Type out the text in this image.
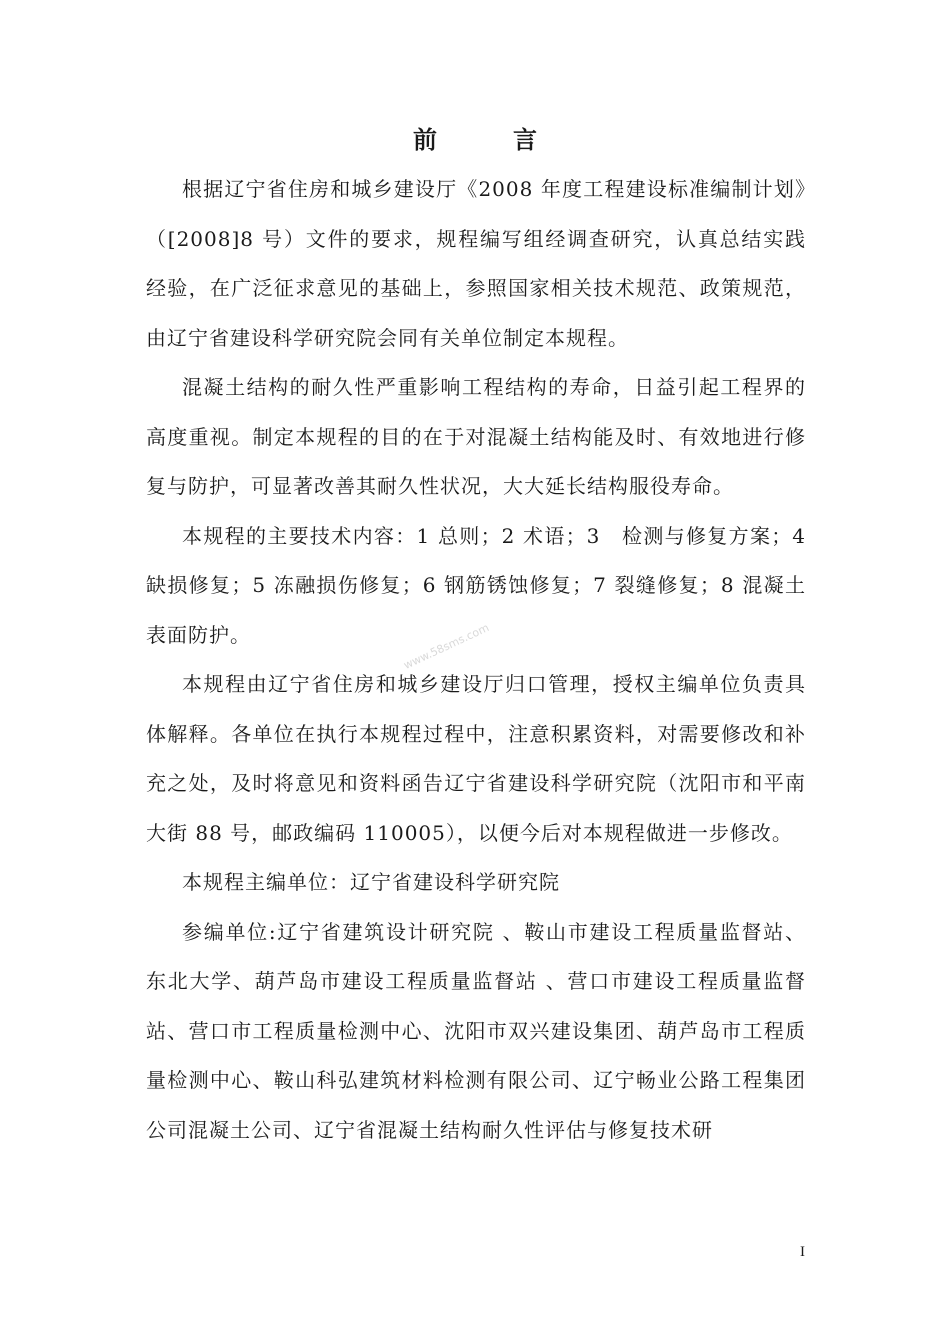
前　言

根据辽宁省住房和城乡建设厅《2008 年度工程建设标准编制计划》（[2008]8 号）文件的要求，规程编写组经调查研究，认真总结实践经验，在广泛征求意见的基础上，参照国家相关技术规范、政策规范，由辽宁省建设科学研究院会同有关单位制定本规程。

混凝土结构的耐久性严重影响工程结构的寿命，日益引起工程界的高度重视。制定本规程的目的在于对混凝土结构能及时、有效地进行修复与防护，可显著改善其耐久性状况，大大延长结构服役寿命。

本规程的主要技术内容：1 总则；2 术语；3　检测与修复方案；4 缺损修复；5 冻融损伤修复；6 钢筋锈蚀修复；7 裂缝修复；8 混凝土表面防护。

本规程由辽宁省住房和城乡建设厅归口管理，授权主编单位负责具体解释。各单位在执行本规程过程中，注意积累资料，对需要修改和补充之处，及时将意见和资料函告辽宁省建设科学研究院（沈阳市和平南大街 88 号，邮政编码 110005），以便今后对本规程做进一步修改。

本规程主编单位：辽宁省建设科学研究院

参编单位:辽宁省建筑设计研究院 、鞍山市建设工程质量监督站、东北大学、葫芦岛市建设工程质量监督站 、营口市建设工程质量监督站、营口市工程质量检测中心、沈阳市双兴建设集团、葫芦岛市工程质量检测中心、鞍山科弘建筑材料检测有限公司、辽宁畅业公路工程集团公司混凝土公司、辽宁省混凝土结构耐久性评估与修复技术研

www.58sms.com
I
